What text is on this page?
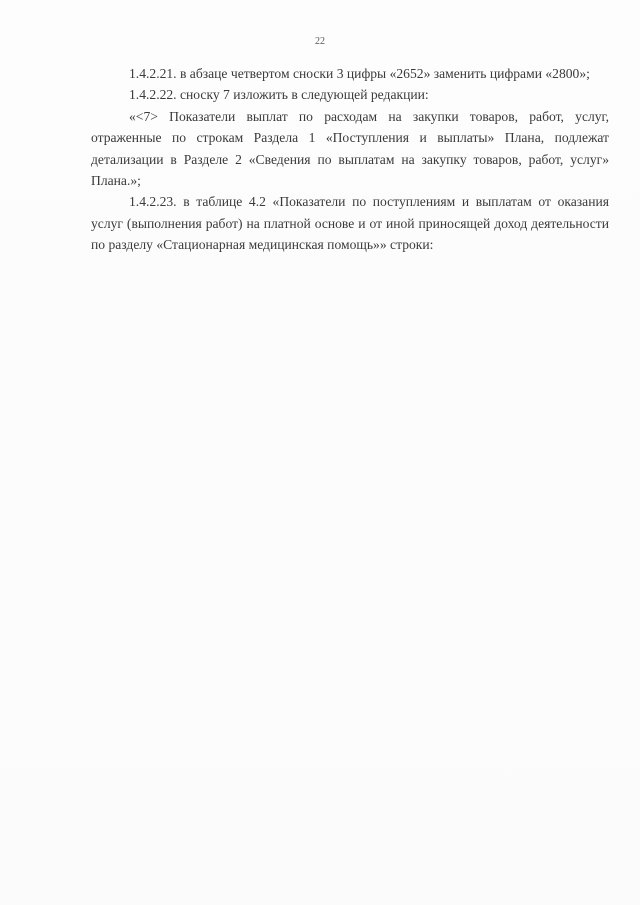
22

1.4.2.21. в абзаце четвертом сноски 3 цифры «2652» заменить цифрами «2800»;

1.4.2.22. сноску 7 изложить в следующей редакции:

«<7> Показатели выплат по расходам на закупки товаров, работ, услуг, отраженные по строкам Раздела 1 «Поступления и выплаты» Плана, подлежат детализации в Разделе 2 «Сведения по выплатам на закупку товаров, работ, услуг» Плана.»;

1.4.2.23. в таблице 4.2 «Показатели по поступлениям и выплатам от оказания услуг (выполнения работ) на платной основе и от иной приносящей доход деятельности по разделу «Стационарная медицинская помощь»» строки:
